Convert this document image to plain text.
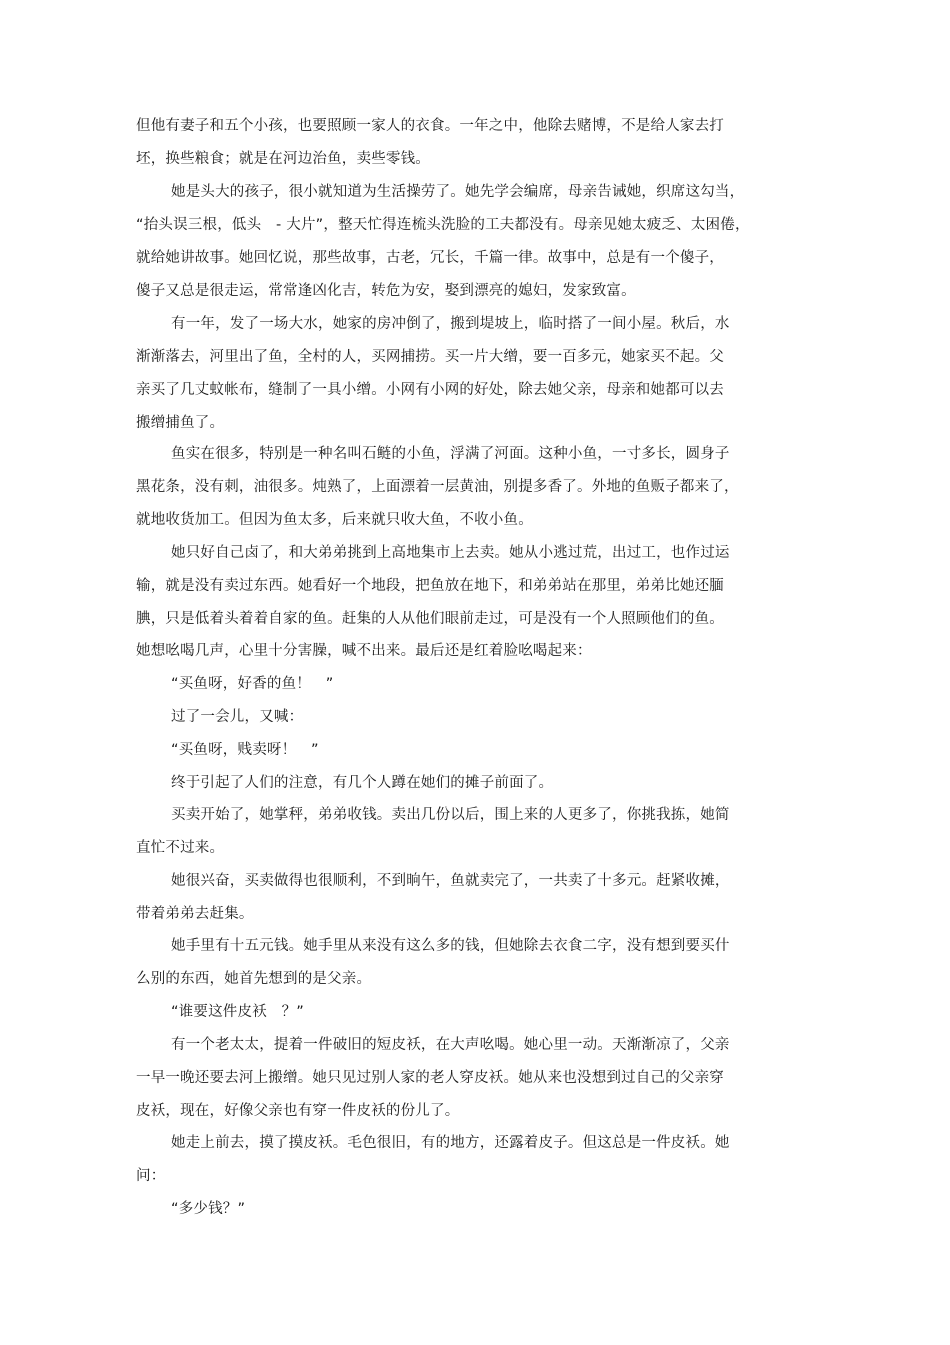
但他有妻子和五个小孩，也要照顾一家人的衣食。一年之中，他除去赌博，不是给人家去打
坯，换些粮食；就是在河边治鱼，卖些零钱。
她是头大的孩子，很小就知道为生活操劳了。她先学会编席，母亲告诫她，织席这勾当，
“抬头误三根，低头　- 大片”，整天忙得连梳头洗脸的工夫都没有。母亲见她太疲乏、太困倦，
就给她讲故事。她回忆说，那些故事，古老，冗长，千篇一律。故事中，总是有一个傻子，
傻子又总是很走运，常常逢凶化吉，转危为安，娶到漂亮的媳妇，发家致富。
有一年，发了一场大水，她家的房冲倒了，搬到堤坡上，临时搭了一间小屋。秋后，水
渐渐落去，河里出了鱼，全村的人，买网捕捞。买一片大缯，要一百多元，她家买不起。父
亲买了几丈蚊帐布，缝制了一具小缯。小网有小网的好处，除去她父亲，母亲和她都可以去
搬缯捕鱼了。
鱼实在很多，特别是一种名叫石鲢的小鱼，浮满了河面。这种小鱼，一寸多长，圆身子
黑花条，没有刺，油很多。炖熟了，上面漂着一层黄油，别提多香了。外地的鱼贩子都来了，
就地收货加工。但因为鱼太多，后来就只收大鱼，不收小鱼。
她只好自己卤了，和大弟弟挑到上高地集市上去卖。她从小逃过荒，出过工，也作过运
输，就是没有卖过东西。她看好一个地段，把鱼放在地下，和弟弟站在那里，弟弟比她还腼
腆，只是低着头着着自家的鱼。赶集的人从他们眼前走过，可是没有一个人照顾他们的鱼。
她想吆喝几声，心里十分害臊，喊不出来。最后还是红着脸吆喝起来：
“买鱼呀，好香的鱼！　”
过了一会儿，又喊：
“买鱼呀，贱卖呀！　”
终于引起了人们的注意，有几个人蹲在她们的摊子前面了。
买卖开始了，她掌秤，弟弟收钱。卖出几份以后，围上来的人更多了，你挑我拣，她简
直忙不过来。
她很兴奋，买卖做得也很顺利，不到晌午，鱼就卖完了，一共卖了十多元。赶紧收摊，
带着弟弟去赶集。
她手里有十五元钱。她手里从来没有这么多的钱，但她除去衣食二字，没有想到要买什
么别的东西，她首先想到的是父亲。
“谁要这件皮袄　？”
有一个老太太，提着一件破旧的短皮袄，在大声吆喝。她心里一动。天渐渐凉了，父亲
一早一晚还要去河上搬缯。她只见过别人家的老人穿皮袄。她从来也没想到过自己的父亲穿
皮袄，现在，好像父亲也有穿一件皮袄的份儿了。
她走上前去，摸了摸皮袄。毛色很旧，有的地方，还露着皮子。但这总是一件皮袄。她
问：
“多少钱？”
